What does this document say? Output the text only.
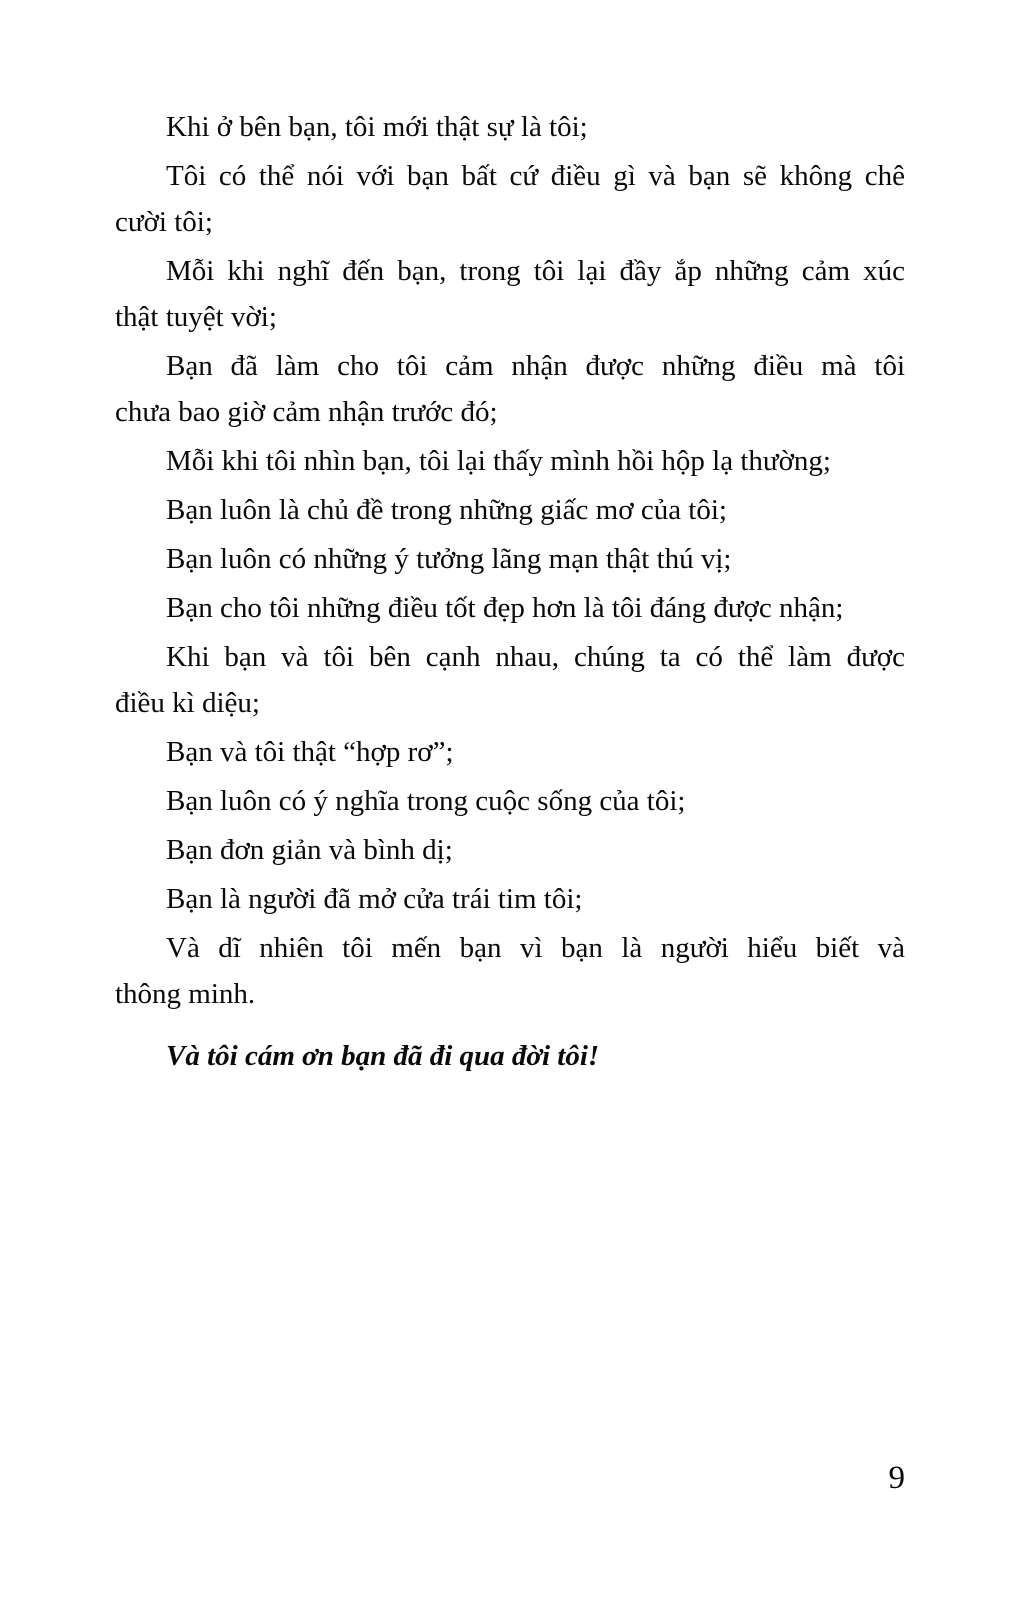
Khi ở bên bạn, tôi mới thật sự là tôi;
Tôi có thể nói với bạn bất cứ điều gì và bạn sẽ không chê
cười tôi;
Mỗi khi nghĩ đến bạn, trong tôi lại đầy ắp những cảm xúc
thật tuyệt vời;
Bạn đã làm cho tôi cảm nhận được những điều mà tôi
chưa bao giờ cảm nhận trước đó;
Mỗi khi tôi nhìn bạn, tôi lại thấy mình hồi hộp lạ thường;
Bạn luôn là chủ đề trong những giấc mơ của tôi;
Bạn luôn có những ý tưởng lãng mạn thật thú vị;
Bạn cho tôi những điều tốt đẹp hơn là tôi đáng được nhận;
Khi bạn và tôi bên cạnh nhau, chúng ta có thể làm được
điều kì diệu;
Bạn và tôi thật “hợp rơ”;
Bạn luôn có ý nghĩa trong cuộc sống của tôi;
Bạn đơn giản và bình dị;
Bạn là người đã mở cửa trái tim tôi;
Và dĩ nhiên tôi mến bạn vì bạn là người hiểu biết và
thông minh.
Và tôi cám ơn bạn đã đi qua đời tôi!
9
